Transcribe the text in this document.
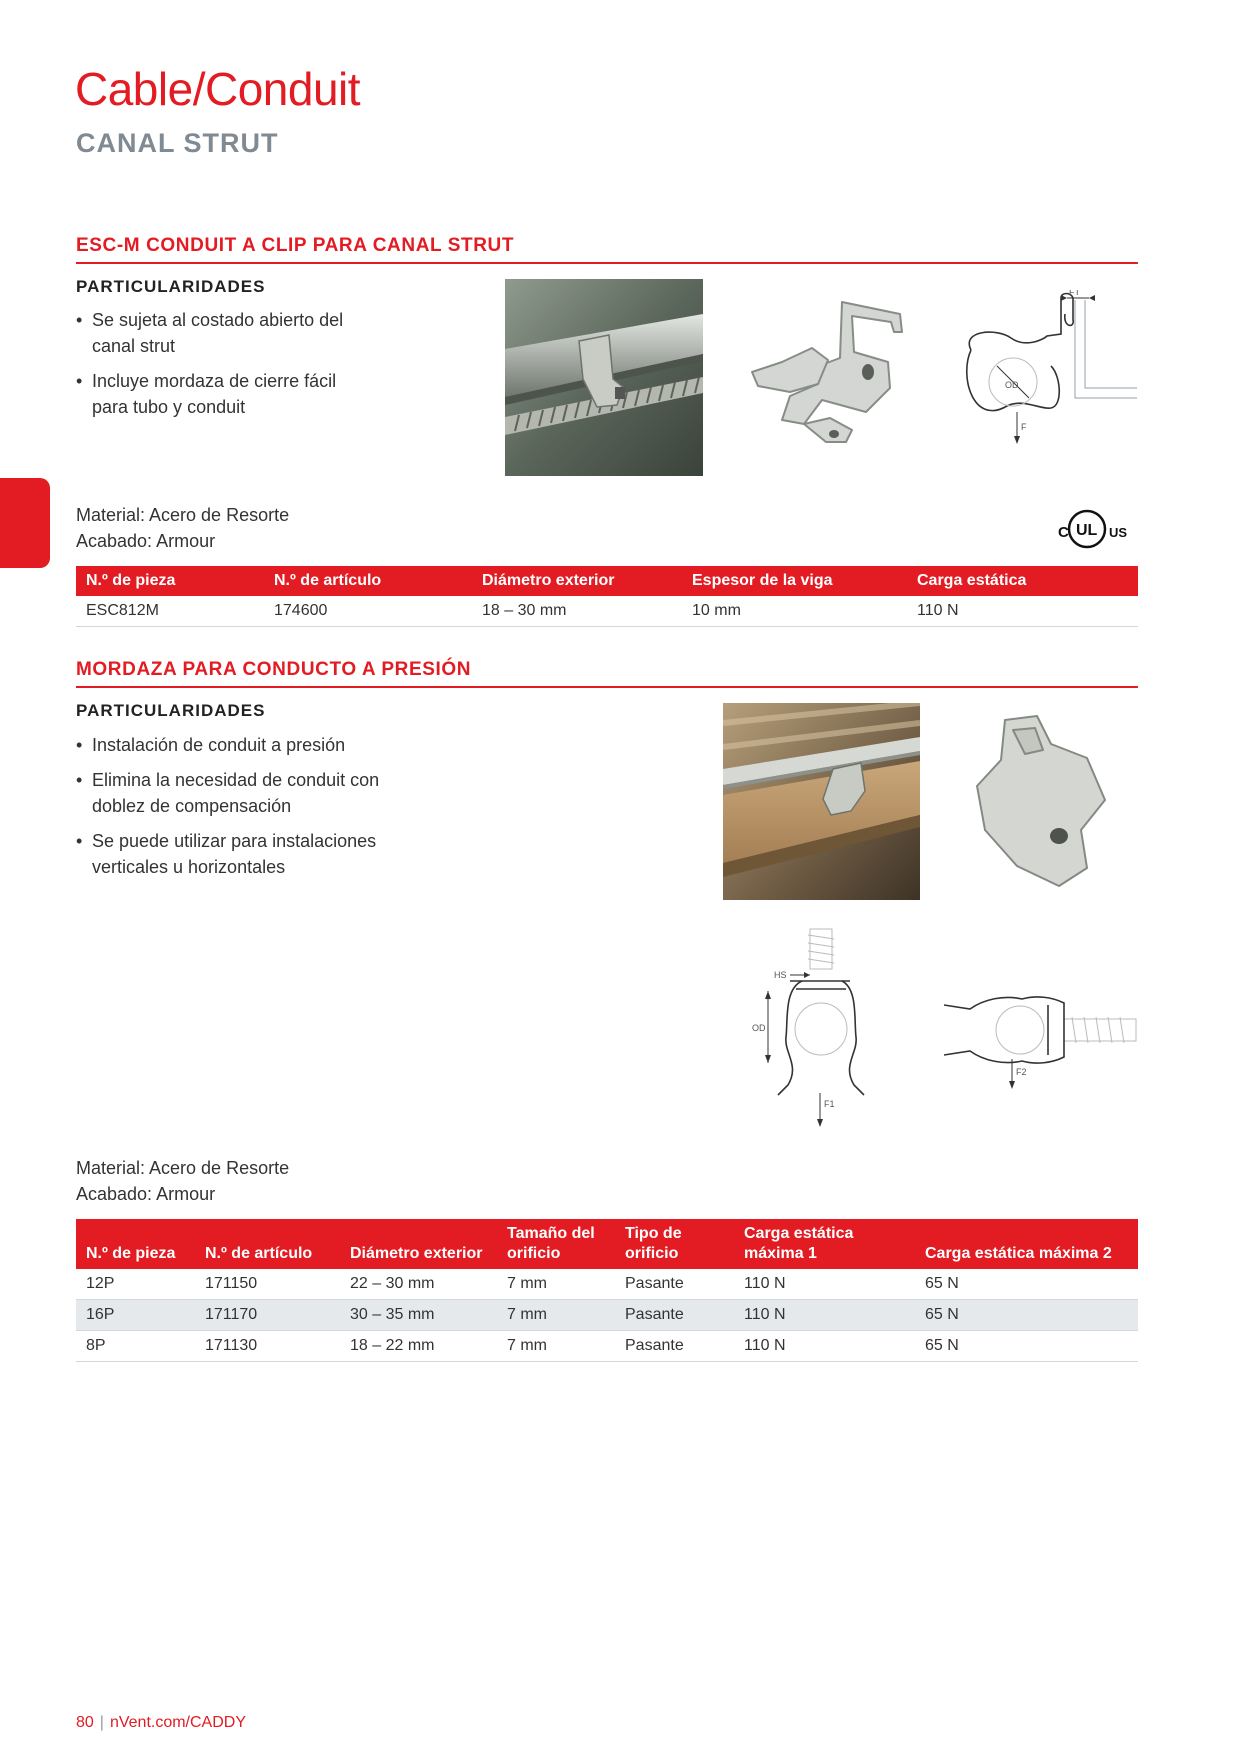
Cable/Conduit
CANAL STRUT
ESC-M CONDUIT A CLIP PARA CANAL STRUT
PARTICULARIDADES
• Se sujeta al costado abierto del canal strut
• Incluye mordaza de cierre fácil para tubo y conduit
OD
FT
F
Material: Acero de Resorte
Acabado: Armour	C UL US
N.º de pieza	N.º de artículo	Diámetro exterior	Espesor de la viga	Carga estática
ESC812M	174600	18 – 30 mm	10 mm	110 N
MORDAZA PARA CONDUCTO A PRESIÓN
PARTICULARIDADES
• Instalación de conduit a presión
• Elimina la necesidad de conduit con doblez de compensación
• Se puede utilizar para instalaciones verticales u horizontales
OD
HS
F1
F2
Material: Acero de Resorte
Acabado: Armour
N.º de pieza	N.º de artículo	Diámetro exterior	Tamaño del orificio	Tipo de orificio	Carga estática máxima 1	Carga estática máxima 2
12P	171150	22 – 30 mm	7 mm	Pasante	110 N	65 N
16P	171170	30 – 35 mm	7 mm	Pasante	110 N	65 N
8P	171130	18 – 22 mm	7 mm	Pasante	110 N	65 N
80 | nVent.com/CADDY
